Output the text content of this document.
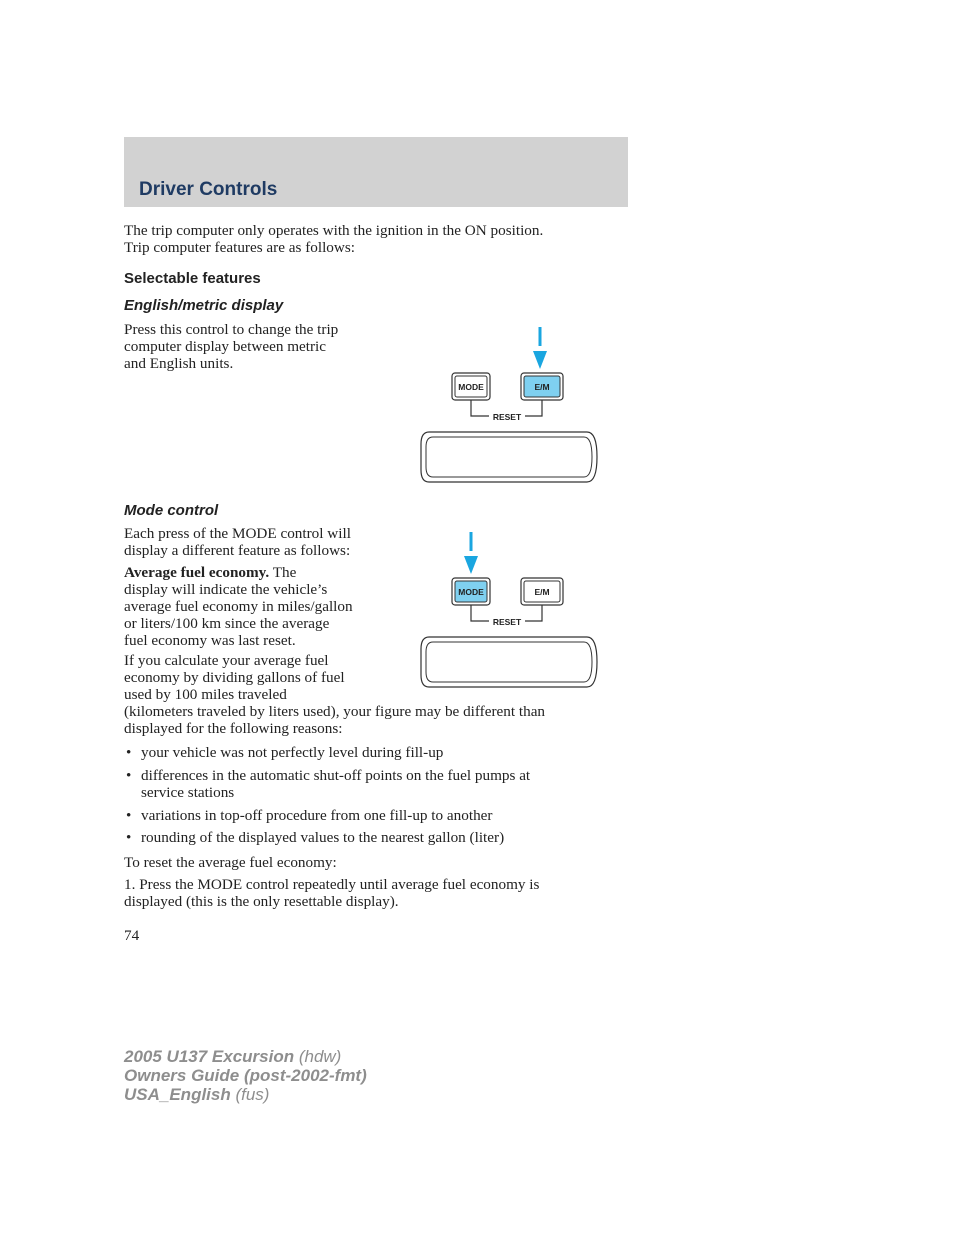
Driver Controls

The trip computer only operates with the ignition in the ON position.
Trip computer features are as follows:

Selectable features
English/metric display

Press this control to change the trip
computer display between metric
and English units.

MODE	E/M
RESET
Mode control

Each press of the MODE control will
display a different feature as follows:

Average fuel economy. The
display will indicate the vehicle’s
average fuel economy in miles/gallon
or liters/100 km since the average
fuel economy was last reset.

If you calculate your average fuel
economy by dividing gallons of fuel
used by 100 miles traveled
(kilometers traveled by liters used), your figure may be different than
displayed for the following reasons:

MODE	E/M
RESET
• your vehicle was not perfectly level during fill-up
• differences in the automatic shut-off points on the fuel pumps at
service stations
• variations in top-off procedure from one fill-up to another
• rounding of the displayed values to the nearest gallon (liter)

To reset the average fuel economy:

1. Press the MODE control repeatedly until average fuel economy is
displayed (this is the only resettable display).

74

2005 U137 Excursion (hdw)
Owners Guide (post-2002-fmt)
USA_English (fus)
